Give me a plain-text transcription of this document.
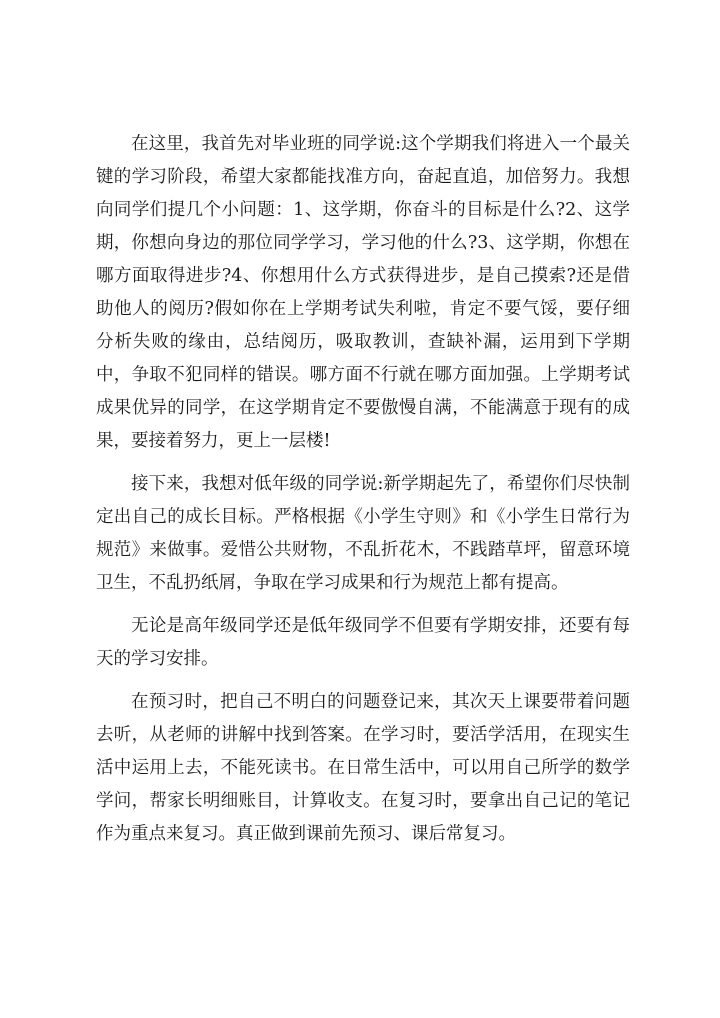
在这里，我首先对毕业班的同学说:这个学期我们将进入一个最关键的学习阶段，希望大家都能找准方向，奋起直追，加倍努力。我想向同学们提几个小问题：1、这学期，你奋斗的目标是什么?2、这学期，你想向身边的那位同学学习，学习他的什么?3、这学期，你想在哪方面取得进步?4、你想用什么方式获得进步，是自己摸索?还是借助他人的阅历?假如你在上学期考试失利啦，肯定不要气馁，要仔细分析失败的缘由，总结阅历，吸取教训，查缺补漏，运用到下学期中，争取不犯同样的错误。哪方面不行就在哪方面加强。上学期考试成果优异的同学，在这学期肯定不要傲慢自满，不能满意于现有的成果，要接着努力，更上一层楼!

接下来，我想对低年级的同学说:新学期起先了，希望你们尽快制定出自己的成长目标。严格根据《小学生守则》和《小学生日常行为规范》来做事。爱惜公共财物，不乱折花木，不践踏草坪，留意环境卫生，不乱扔纸屑，争取在学习成果和行为规范上都有提高。

无论是高年级同学还是低年级同学不但要有学期安排，还要有每天的学习安排。

在预习时，把自己不明白的问题登记来，其次天上课要带着问题去听，从老师的讲解中找到答案。在学习时，要活学活用，在现实生活中运用上去，不能死读书。在日常生活中，可以用自己所学的数学学问，帮家长明细账目，计算收支。在复习时，要拿出自己记的笔记作为重点来复习。真正做到课前先预习、课后常复习。
